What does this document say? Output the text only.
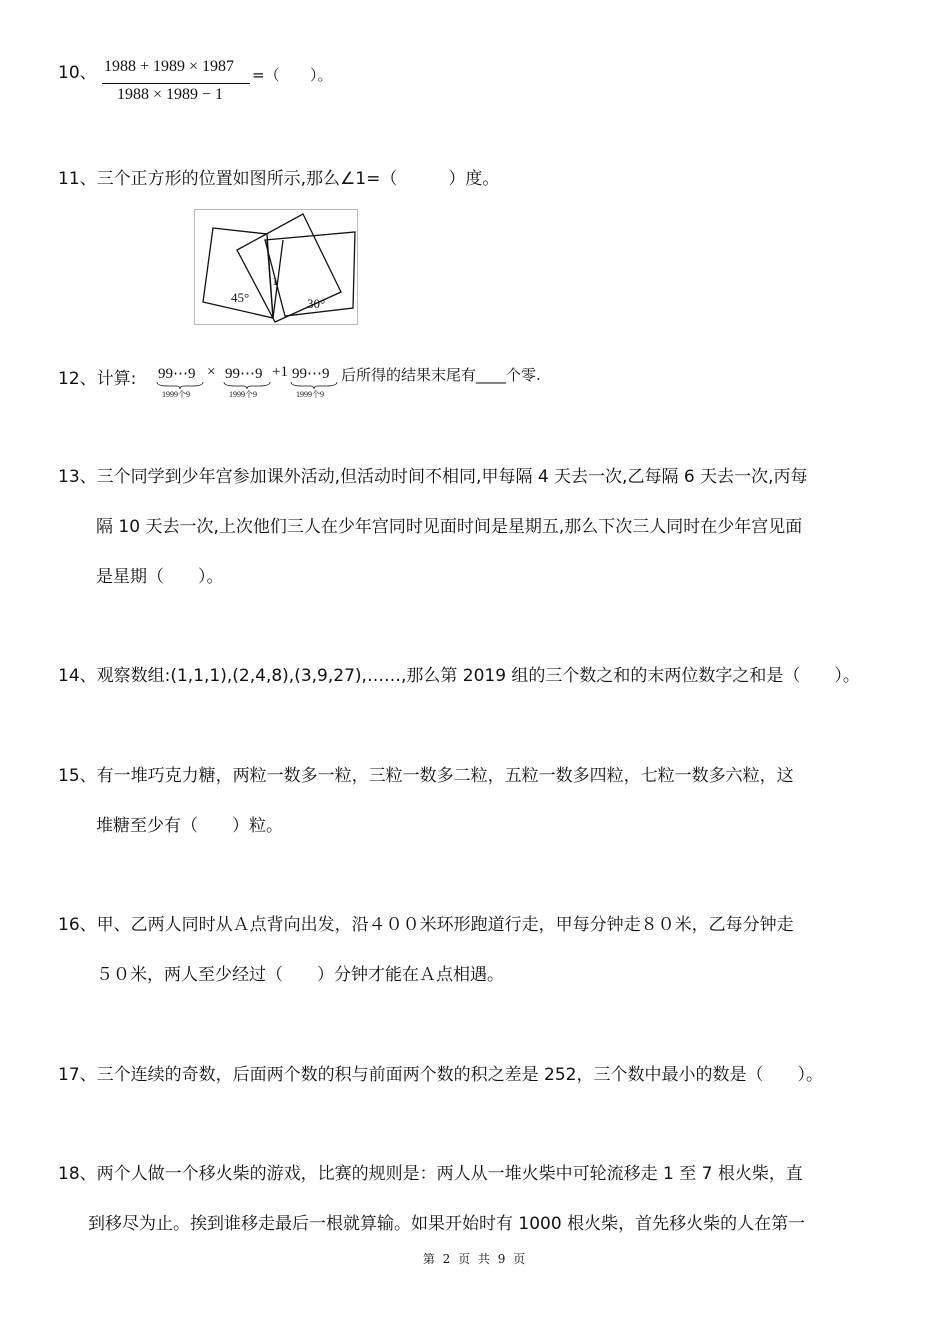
10、 1988 + 1989 × 1987
1988 × 1989 − 1
=（ ）。
11、三个正方形的位置如图所示,那么∠1=（　　　）度。
45°
1
30°
12、计算: 99⋯9
1999个9
× 99⋯9
1999个9
+1 99⋯9
1999个9
后所得的结果末尾有____个零.
13、三个同学到少年宫参加课外活动,但活动时间不相同,甲每隔 4 天去一次,乙每隔 6 天去一次,丙每
隔 10 天去一次,上次他们三人在少年宫同时见面时间是星期五,那么下次三人同时在少年宫见面
是星期（　　）。
14、观察数组:(1,1,1),(2,4,8),(3,9,27),……,那么第 2019 组的三个数之和的末两位数字之和是（　　）。
15、有一堆巧克力糖，两粒一数多一粒，三粒一数多二粒，五粒一数多四粒，七粒一数多六粒，这
堆糖至少有（　　）粒。
16、甲、乙两人同时从Ａ点背向出发，沿４００米环形跑道行走，甲每分钟走８０米，乙每分钟走
５０米，两人至少经过（　　）分钟才能在Ａ点相遇。
17、三个连续的奇数，后面两个数的积与前面两个数的积之差是 252，三个数中最小的数是（　　）。
18、两个人做一个移火柴的游戏，比赛的规则是：两人从一堆火柴中可轮流移走 1 至 7 根火柴，直
到移尽为止。挨到谁移走最后一根就算输。如果开始时有 1000 根火柴，首先移火柴的人在第一
第 2 页 共 9 页
